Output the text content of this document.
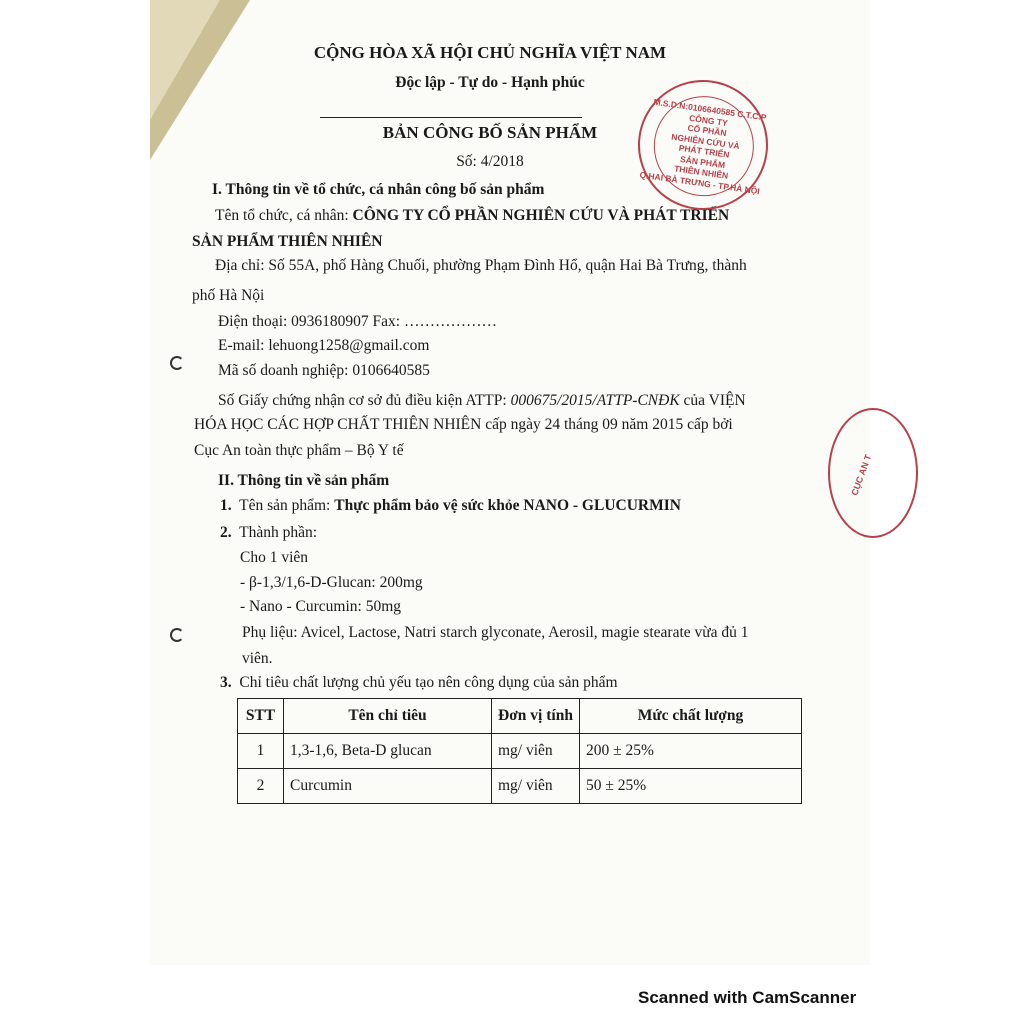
CỘNG HÒA XÃ HỘI CHỦ NGHĨA VIỆT NAM
Độc lập - Tự do - Hạnh phúc
BẢN CÔNG BỐ SẢN PHẨM
Số: 4/2018
I. Thông tin về tổ chức, cá nhân công bố sản phẩm
Tên tổ chức, cá nhân: CÔNG TY CỔ PHẦN NGHIÊN CỨU VÀ PHÁT TRIỂN
SẢN PHẨM THIÊN NHIÊN
Địa chỉ: Số 55A, phố Hàng Chuối, phường Phạm Đình Hổ, quận Hai Bà Trưng, thành
phố Hà Nội
Điện thoại: 0936180907 Fax: ………………
E-mail: lehuong1258@gmail.com
Mã số doanh nghiệp: 0106640585
Số Giấy chứng nhận cơ sở đủ điều kiện ATTP: 000675/2015/ATTP-CNĐK của VIỆN
HÓA HỌC CÁC HỢP CHẤT THIÊN NHIÊN cấp ngày 24 tháng 09 năm 2015 cấp bởi
Cục An toàn thực phẩm – Bộ Y tế
II. Thông tin về sản phẩm
1. Tên sản phẩm: Thực phẩm bảo vệ sức khỏe NANO - GLUCURMIN
2. Thành phần:
Cho 1 viên
- β-1,3/1,6-D-Glucan: 200mg
- Nano - Curcumin: 50mg
Phụ liệu: Avicel, Lactose, Natri starch glyconate, Aerosil, magie stearate vừa đủ 1
viên.
3. Chỉ tiêu chất lượng chủ yếu tạo nên công dụng của sản phẩm
STT	Tên chỉ tiêu	Đơn vị tính	Mức chất lượng
1	1,3-1,6, Beta-D glucan	mg/ viên	200 ± 25%
2	Curcumin	mg/ viên	50 ± 25%
M.S.D.N:0106640585 C.T.C.P
CÔNG TY
CỔ PHẦN
NGHIÊN CỨU VÀ
PHÁT TRIỂN
SẢN PHẨM
THIÊN NHIÊN
Q.HAI BÀ TRƯNG - TP.HÀ NỘI
CỤC AN T
Scanned with CamScanner
